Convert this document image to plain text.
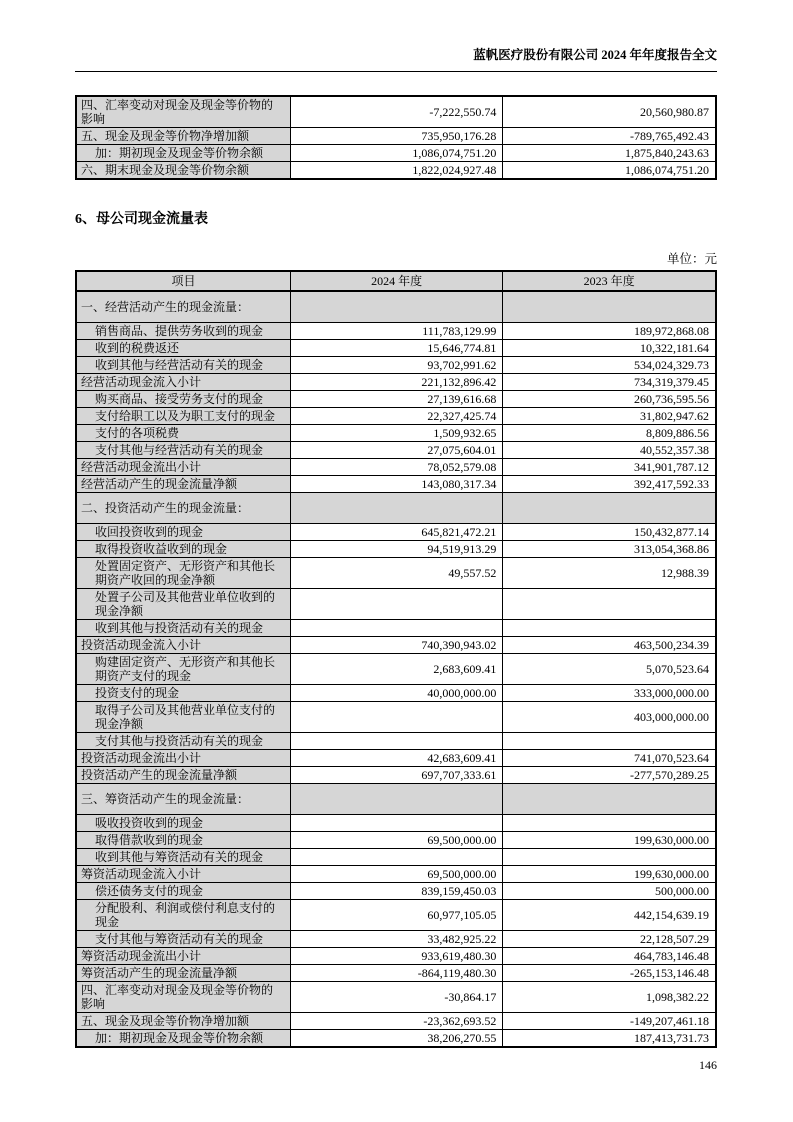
蓝帆医疗股份有限公司 2024 年年度报告全文
四、汇率变动对现金及现金等价物的影响	-7,222,550.74	20,560,980.87
五、现金及现金等价物净增加额	735,950,176.28	-789,765,492.43
加：期初现金及现金等价物余额	1,086,074,751.20	1,875,840,243.63
六、期末现金及现金等价物余额	1,822,024,927.48	1,086,074,751.20
6、母公司现金流量表
单位：元
项目	2024 年度	2023 年度
一、经营活动产生的现金流量：		
销售商品、提供劳务收到的现金	111,783,129.99	189,972,868.08
收到的税费返还	15,646,774.81	10,322,181.64
收到其他与经营活动有关的现金	93,702,991.62	534,024,329.73
经营活动现金流入小计	221,132,896.42	734,319,379.45
购买商品、接受劳务支付的现金	27,139,616.68	260,736,595.56
支付给职工以及为职工支付的现金	22,327,425.74	31,802,947.62
支付的各项税费	1,509,932.65	8,809,886.56
支付其他与经营活动有关的现金	27,075,604.01	40,552,357.38
经营活动现金流出小计	78,052,579.08	341,901,787.12
经营活动产生的现金流量净额	143,080,317.34	392,417,592.33
二、投资活动产生的现金流量：		
收回投资收到的现金	645,821,472.21	150,432,877.14
取得投资收益收到的现金	94,519,913.29	313,054,368.86
处置固定资产、无形资产和其他长期资产收回的现金净额	49,557.52	12,988.39
处置子公司及其他营业单位收到的现金净额		
收到其他与投资活动有关的现金		
投资活动现金流入小计	740,390,943.02	463,500,234.39
购建固定资产、无形资产和其他长期资产支付的现金	2,683,609.41	5,070,523.64
投资支付的现金	40,000,000.00	333,000,000.00
取得子公司及其他营业单位支付的现金净额		403,000,000.00
支付其他与投资活动有关的现金		
投资活动现金流出小计	42,683,609.41	741,070,523.64
投资活动产生的现金流量净额	697,707,333.61	-277,570,289.25
三、筹资活动产生的现金流量：		
吸收投资收到的现金		
取得借款收到的现金	69,500,000.00	199,630,000.00
收到其他与筹资活动有关的现金		
筹资活动现金流入小计	69,500,000.00	199,630,000.00
偿还债务支付的现金	839,159,450.03	500,000.00
分配股利、利润或偿付利息支付的现金	60,977,105.05	442,154,639.19
支付其他与筹资活动有关的现金	33,482,925.22	22,128,507.29
筹资活动现金流出小计	933,619,480.30	464,783,146.48
筹资活动产生的现金流量净额	-864,119,480.30	-265,153,146.48
四、汇率变动对现金及现金等价物的影响	-30,864.17	1,098,382.22
五、现金及现金等价物净增加额	-23,362,693.52	-149,207,461.18
加：期初现金及现金等价物余额	38,206,270.55	187,413,731.73
146
